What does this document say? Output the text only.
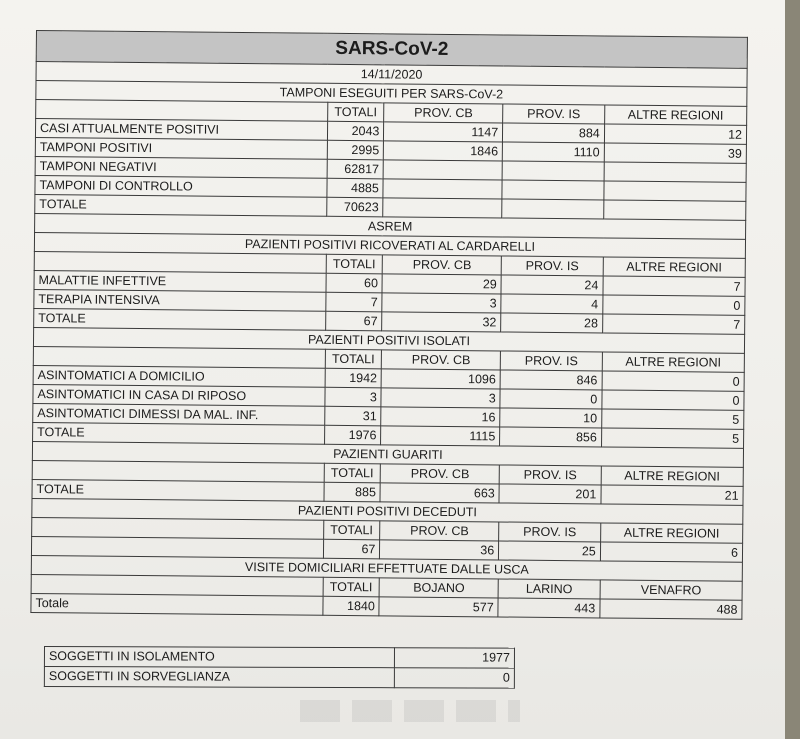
SARS-CoV-2				
14/11/2020				
TAMPONI ESEGUITI PER SARS-CoV-2				
	TOTALI	PROV. CB	PROV. IS	ALTRE REGIONI
CASI ATTUALMENTE POSITIVI	2043	1147	884	12
TAMPONI POSITIVI	2995	1846	1110	39
TAMPONI NEGATIVI	62817			
TAMPONI DI CONTROLLO	4885			
TOTALE	70623			
ASREM				
PAZIENTI POSITIVI RICOVERATI AL CARDARELLI				
	TOTALI	PROV. CB	PROV. IS	ALTRE REGIONI
MALATTIE INFETTIVE	60	29	24	7
TERAPIA INTENSIVA	7	3	4	0
TOTALE	67	32	28	7
PAZIENTI POSITIVI ISOLATI				
	TOTALI	PROV. CB	PROV. IS	ALTRE REGIONI
ASINTOMATICI A DOMICILIO	1942	1096	846	0
ASINTOMATICI IN CASA DI RIPOSO	3	3	0	0
ASINTOMATICI DIMESSI DA MAL. INF.	31	16	10	5
TOTALE	1976	1115	856	5
PAZIENTI GUARITI				
	TOTALI	PROV. CB	PROV. IS	ALTRE REGIONI
TOTALE	885	663	201	21
PAZIENTI POSITIVI DECEDUTI				
	TOTALI	PROV. CB	PROV. IS	ALTRE REGIONI
	67	36	25	6
VISITE DOMICILIARI EFFETTUATE DALLE USCA				
	TOTALI	BOJANO	LARINO	VENAFRO
Totale	1840	577	443	488
SOGGETTI IN ISOLAMENTO	1977
SOGGETTI IN SORVEGLIANZA	0
